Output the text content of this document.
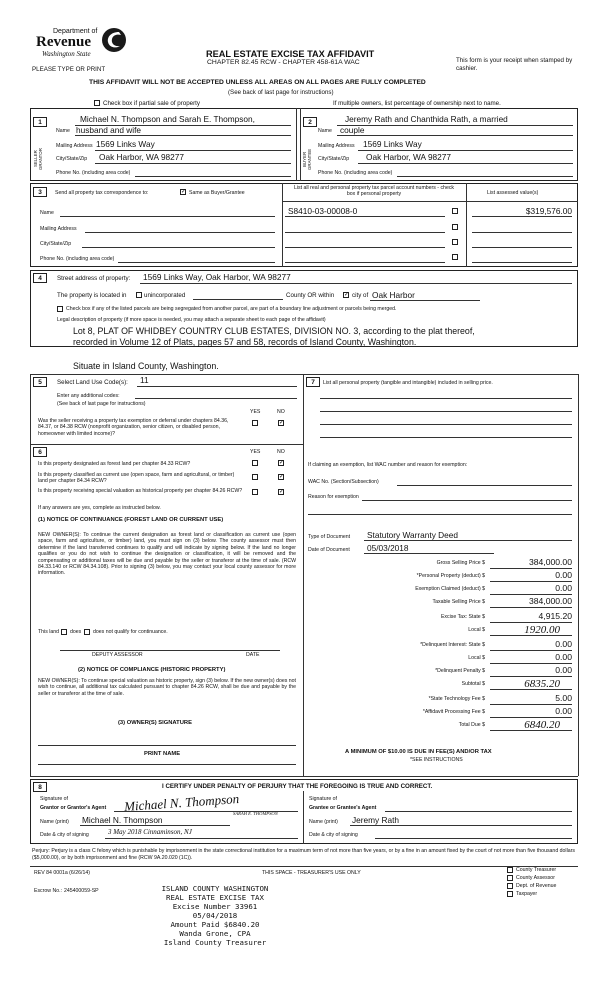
Department of
Revenue
Washington State
PLEASE TYPE OR PRINT
REAL ESTATE EXCISE TAX AFFIDAVIT
CHAPTER 82.45 RCW - CHAPTER 458-61A WAC	This form is your receipt when stamped by cashier.
THIS AFFIDAVIT WILL NOT BE ACCEPTED UNLESS ALL AREAS ON ALL PAGES ARE FULLY COMPLETED
(See back of last page for instructions)
Check box if partial sale of property	If multiple owners, list percentage of ownership next to name.
1
SELLER GRANTOR
Michael N. Thompson and Sarah E. Thompson,
Name husband and wife
Mailing Address 1569 Links Way
City/State/Zip Oak Harbor, WA 98277
Phone No. (including area code)
2
BUYER GRANTEE
Jeremy Rath and Chanthida Rath, a married
Name couple
Mailing Address 1569 Links Way
City/State/Zip Oak Harbor, WA 98277
Phone No. (including area code)
3	Send all property tax correspondence to:	✓ Same as Buyer/Grantee
List all real and personal property tax parcel account numbers - check box if personal property	List assessed value(s)
Name
Mailing Address
City/State/Zip
Phone No. (including area code)
S8410-03-00008-0	$319,576.00
4	Street address of property: 1569 Links Way, Oak Harbor, WA 98277
The property is located in	unincorporated	County OR within ✓ city of Oak Harbor
Check box if any of the listed parcels are being segregated from another parcel, are part of a boundary line adjustment or parcels being merged.
Legal description of property (if more space is needed, you may attach a separate sheet to each page of the affidavit)
Lot 8, PLAT OF WHIDBEY COUNTRY CLUB ESTATES, DIVISION NO. 3, according to the plat thereof,
recorded in Volume 12 of Plats, pages 57 and 58, records of Island County, Washington.
Situate in Island County, Washington.
5	Select Land Use Code(s): 11
Enter any additional codes:
(See back of last page for instructions)
YES	NO
Was the seller receiving a property tax exemption or deferral under chapters 84.36, 84.37, or 84.38 RCW (nonprofit organization, senior citizen, or disabled person, homeowner with limited income)?
✓
6	YES	NO
Is this property designated as forest land per chapter 84.33 RCW?	✓
Is this property classified as current use (open space, farm and agricultural, or timber) land per chapter 84.34 RCW?
✓
Is this property receiving special valuation as historical property per chapter 84.26 RCW?	✓
If any answers are yes, complete as instructed below.
(1) NOTICE OF CONTINUANCE (FOREST LAND OR CURRENT USE)
NEW OWNER(S): To continue the current designation as forest land or classification as current use (open space, farm and agriculture, or timber) land, you must sign on (3) below. The county assessor must then determine if the land transferred continues to qualify and will indicate by signing below. If the land no longer qualifies or you do not wish to continue the designation or classification, it will be removed and the compensating or additional taxes will be due and payable by the seller or transferor at the time of sale. (RCW 84.33.140 or RCW 84.34.108). Prior to signing (3) below, you may contact your local county assessor for more information.
This land does does not qualify for continuance.
DEPUTY ASSESSOR	DATE
(2) NOTICE OF COMPLIANCE (HISTORIC PROPERTY)
NEW OWNER(S): To continue special valuation as historic property, sign (3) below. If the new owner(s) does not wish to continue, all additional tax calculated pursuant to chapter 84.26 RCW, shall be due and payable by the seller or transferor at the time of sale.
(3) OWNER(S) SIGNATURE
PRINT NAME
7	List all personal property (tangible and intangible) included in selling price.
If claiming an exemption, list WAC number and reason for exemption:
WAC No. (Section/Subsection)
Reason for exemption
Type of Document Statutory Warranty Deed
Date of Document 05/03/2018
Gross Selling Price $	384,000.00
*Personal Property (deduct) $	0.00
Exemption Claimed (deduct) $	0.00
Taxable Selling Price $	384,000.00
Excise Tax: State $	4,915.20
Local $	1920.00
*Delinquent Interest: State $	0.00
Local $	0.00
*Delinquent Penalty $	0.00
Subtotal $	6835.20
*State Technology Fee $	5.00
*Affidavit Processing Fee $	0.00
Total Due $	6840.20
A MINIMUM OF $10.00 IS DUE IN FEE(S) AND/OR TAX
*SEE INSTRUCTIONS
8	I CERTIFY UNDER PENALTY OF PERJURY THAT THE FOREGOING IS TRUE AND CORRECT.
Signature of
Grantor or Grantor's Agent Michael N. Thompson
SARAH E. THOMPSON
Name (print) Michael N. Thompson
Date & city of signing	3 May 2018 Cinnaminson, NJ
Signature of
Grantee or Grantee's Agent
Name (print) Jeremy Rath
Date & city of signing
Perjury: Perjury is a class C felony which is punishable by imprisonment in the state correctional institution for a maximum term of not more than five years, or by a fine in an amount fixed by the court of not more than five thousand dollars ($5,000.00), or by both imprisonment and fine (RCW 9A.20.020 (1C)).
REV 84 0001a (6/26/14)	THIS SPACE - TREASURER'S USE ONLY
Escrow No.: 245400059-SP	ISLAND COUNTY WASHINGTON
REAL ESTATE EXCISE TAX
Excise Number 33961
05/04/2018
Amount Paid $6840.20
Wanda Grone, CPA
Island County Treasurer
County Treasurer
County Assessor
Dept. of Revenue
Taxpayer
